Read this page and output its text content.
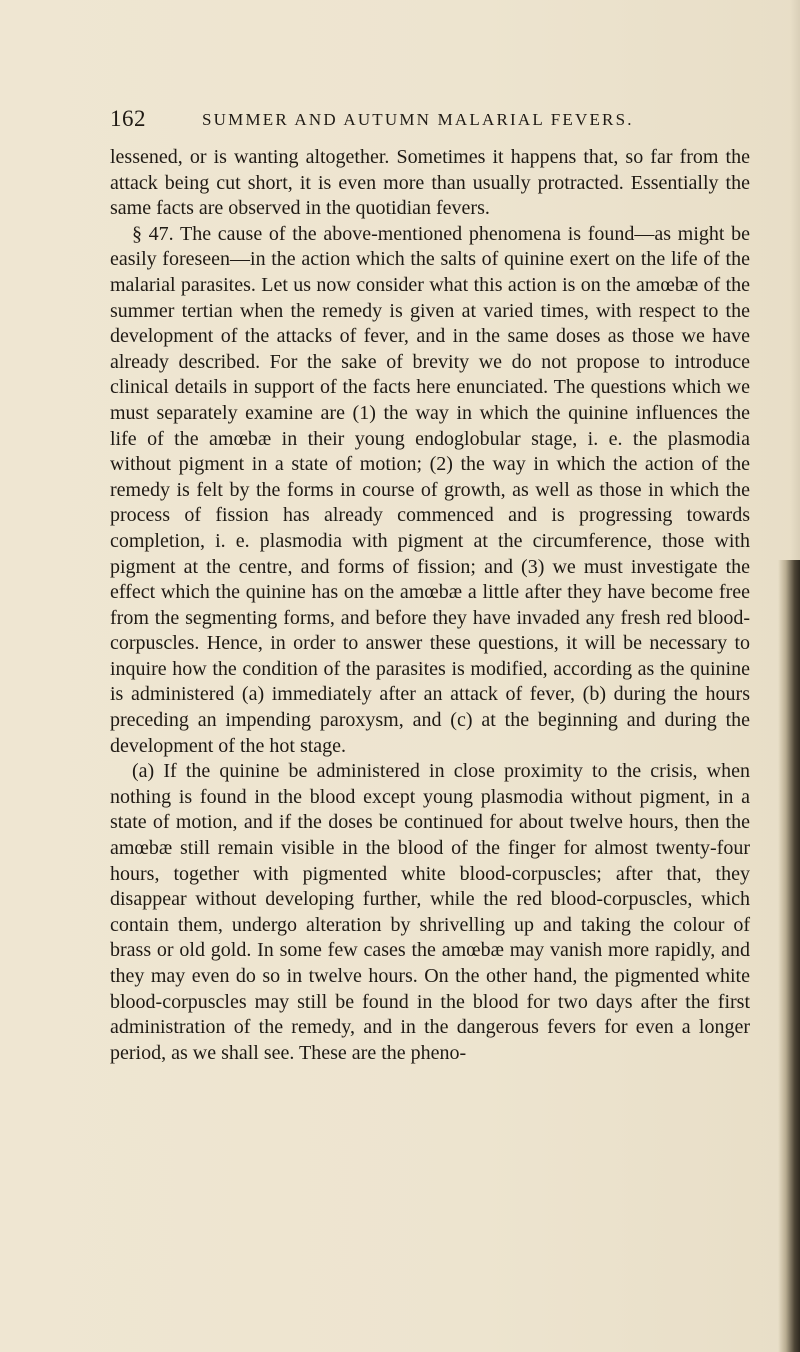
162	SUMMER AND AUTUMN MALARIAL FEVERS.

lessened, or is wanting altogether. Sometimes it happens that, so far from the attack being cut short, it is even more than usually protracted. Essentially the same facts are observed in the quotidian fevers.

§ 47. The cause of the above-mentioned phenomena is found—as might be easily foreseen—in the action which the salts of quinine exert on the life of the malarial parasites. Let us now consider what this action is on the amœbæ of the summer tertian when the remedy is given at varied times, with respect to the development of the attacks of fever, and in the same doses as those we have already described. For the sake of brevity we do not propose to introduce clinical details in support of the facts here enunciated. The questions which we must separately examine are (1) the way in which the quinine influences the life of the amœbæ in their young endoglobular stage, i. e. the plasmodia without pigment in a state of motion; (2) the way in which the action of the remedy is felt by the forms in course of growth, as well as those in which the process of fission has already commenced and is progressing towards completion, i. e. plasmodia with pigment at the circumference, those with pigment at the centre, and forms of fission; and (3) we must investigate the effect which the quinine has on the amœbæ a little after they have become free from the segmenting forms, and before they have invaded any fresh red blood-corpuscles. Hence, in order to answer these questions, it will be necessary to inquire how the condition of the parasites is modified, according as the quinine is administered (a) immediately after an attack of fever, (b) during the hours preceding an impending paroxysm, and (c) at the beginning and during the development of the hot stage.

(a) If the quinine be administered in close proximity to the crisis, when nothing is found in the blood except young plasmodia without pigment, in a state of motion, and if the doses be continued for about twelve hours, then the amœbæ still remain visible in the blood of the finger for almost twenty-four hours, together with pigmented white blood-corpuscles; after that, they disappear without developing further, while the red blood-corpuscles, which contain them, undergo alteration by shrivelling up and taking the colour of brass or old gold. In some few cases the amœbæ may vanish more rapidly, and they may even do so in twelve hours. On the other hand, the pigmented white blood-corpuscles may still be found in the blood for two days after the first administration of the remedy, and in the dangerous fevers for even a longer period, as we shall see. These are the pheno-
